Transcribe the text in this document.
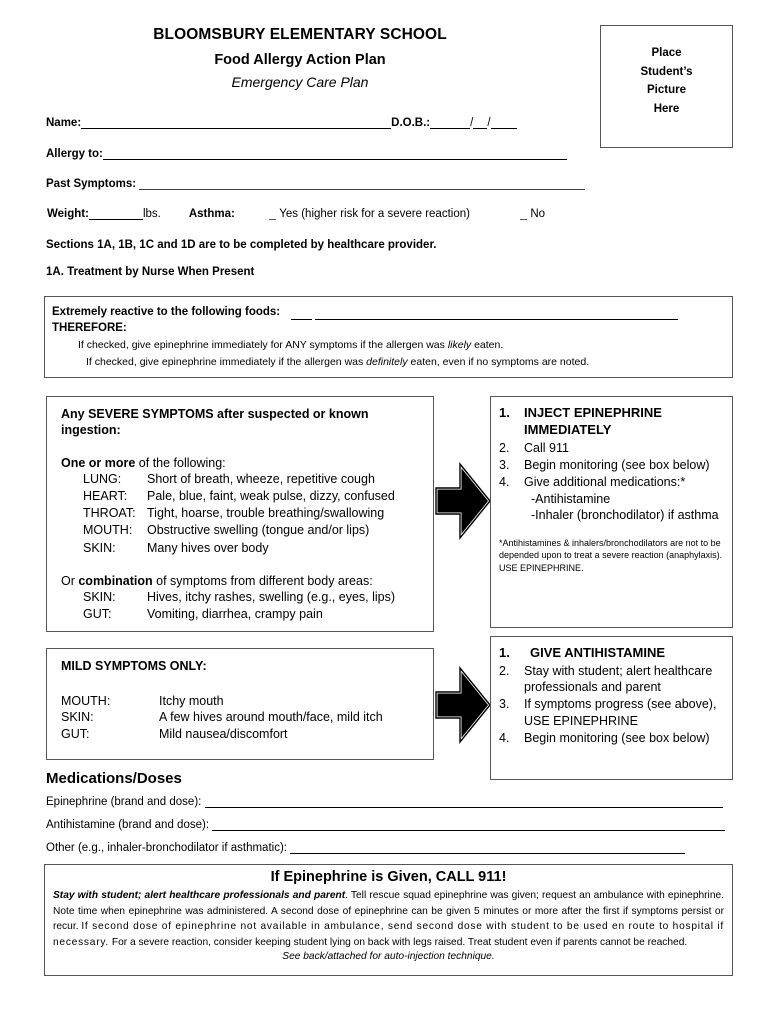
BLOOMSBURY ELEMENTARY SCHOOL
Food Allergy Action Plan
Emergency Care Plan
Place
Student’s
Picture
Here
Name:	D.O.B.:	/ /
Allergy to:
Past Symptoms:
Weight:	lbs. Asthma:	Yes (higher risk for a severe reaction)	No
Sections 1A, 1B, 1C and 1D are to be completed by healthcare provider.
1A. Treatment by Nurse When Present
Extremely reactive to the following foods:
THEREFORE:
If checked, give epinephrine immediately for ANY symptoms if the allergen was likely eaten.
If checked, give epinephrine immediately if the allergen was definitely eaten, even if no symptoms are noted.
Any SEVERE SYMPTOMS after suspected or known ingestion:
One or more of the following:
LUNG:	Short of breath, wheeze, repetitive cough
HEART:	Pale, blue, faint, weak pulse, dizzy, confused
THROAT:	Tight, hoarse, trouble breathing/swallowing
MOUTH:	Obstructive swelling (tongue and/or lips)
SKIN:	Many hives over body
Or combination of symptoms from different body areas:
SKIN:	Hives, itchy rashes, swelling (e.g., eyes, lips)
GUT:	Vomiting, diarrhea, crampy pain
MILD SYMPTOMS ONLY:
MOUTH:	Itchy mouth
SKIN:	A few hives around mouth/face, mild itch
GUT:	Mild nausea/discomfort
1. INJECT EPINEPHRINE IMMEDIATELY
2. Call 911
3. Begin monitoring (see box below)
4. Give additional medications:*
-Antihistamine
-Inhaler (bronchodilator) if asthma
*Antihistamines & inhalers/bronchodilators are not to be depended upon to treat a severe reaction (anaphylaxis). USE EPINEPHRINE.
1. GIVE ANTIHISTAMINE
2. Stay with student; alert healthcare professionals and parent
3. If symptoms progress (see above), USE EPINEPHRINE
4. Begin monitoring (see box below)
Medications/Doses
Epinephrine (brand and dose):
Antihistamine (brand and dose):
Other (e.g., inhaler-bronchodilator if asthmatic):
If Epinephrine is Given, CALL 911!
Stay with student; alert healthcare professionals and parent. Tell rescue squad epinephrine was given; request an ambulance with epinephrine. Note time when epinephrine was administered. A second dose of epinephrine can be given 5 minutes or more after the first if symptoms persist or recur. If second dose of epinephrine not available in ambulance, send second dose with student to be used en route to hospital if necessary. For a severe reaction, consider keeping student lying on back with legs raised. Treat student even if parents cannot be reached.
See back/attached for auto-injection technique.
